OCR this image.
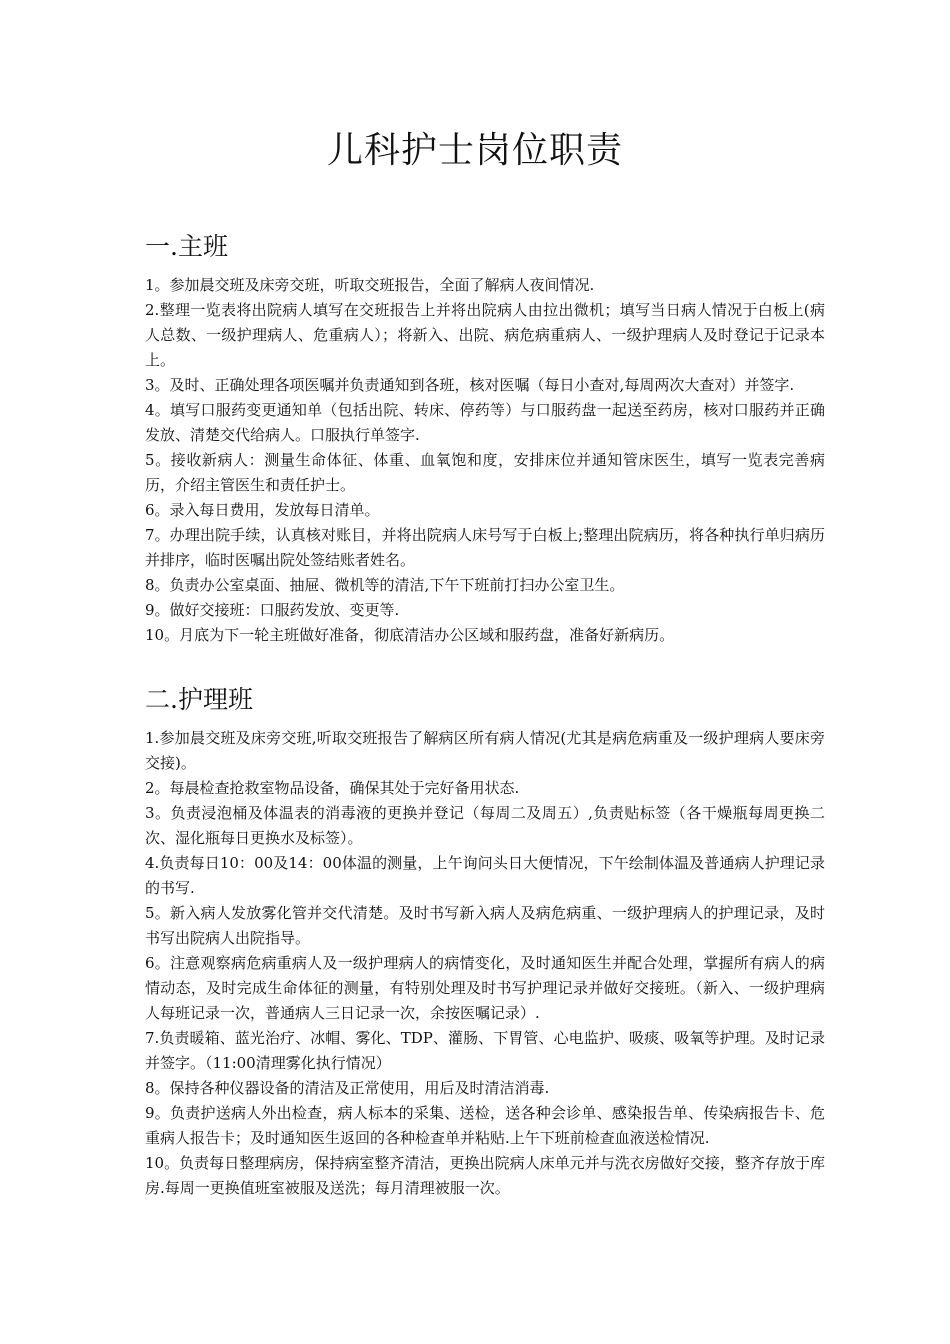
儿科护士岗位职责
一.主班
1。参加晨交班及床旁交班，听取交班报告，全面了解病人夜间情况.
2.整理一览表将出院病人填写在交班报告上并将出院病人由拉出微机；填写当日病人情况于白板上(病人总数、一级护理病人、危重病人）；将新入、出院、病危病重病人、一级护理病人及时登记于记录本上。
3。及时、正确处理各项医嘱并负责通知到各班，核对医嘱（每日小查对,每周两次大查对）并签字.
4。填写口服药变更通知单（包括出院、转床、停药等）与口服药盘一起送至药房，核对口服药并正确发放、清楚交代给病人。口服执行单签字.
5。接收新病人：测量生命体征、体重、血氧饱和度，安排床位并通知管床医生，填写一览表完善病历，介绍主管医生和责任护士。
6。录入每日费用，发放每日清单。
7。办理出院手续，认真核对账目，并将出院病人床号写于白板上;整理出院病历，将各种执行单归病历并排序，临时医嘱出院处签结账者姓名。
8。负责办公室桌面、抽屉、微机等的清洁,下午下班前打扫办公室卫生。
9。做好交接班：口服药发放、变更等.
10。月底为下一轮主班做好准备，彻底清洁办公区域和服药盘，准备好新病历。
二.护理班
1.参加晨交班及床旁交班,听取交班报告了解病区所有病人情况(尤其是病危病重及一级护理病人要床旁交接)。
2。每晨检查抢救室物品设备，确保其处于完好备用状态.
3。负责浸泡桶及体温表的消毒液的更换并登记（每周二及周五）,负责贴标签（各干燥瓶每周更换二次、湿化瓶每日更换水及标签）。
4.负责每日10：00及14：00体温的测量，上午询问头日大便情况，下午绘制体温及普通病人护理记录的书写.
5。新入病人发放雾化管并交代清楚。及时书写新入病人及病危病重、一级护理病人的护理记录，及时书写出院病人出院指导。
6。注意观察病危病重病人及一级护理病人的病情变化，及时通知医生并配合处理，掌握所有病人的病情动态，及时完成生命体征的测量，有特别处理及时书写护理记录并做好交接班。（新入、一级护理病人每班记录一次，普通病人三日记录一次，余按医嘱记录）.
7.负责暖箱、蓝光治疗、冰帽、雾化、TDP、灌肠、下胃管、心电监护、吸痰、吸氧等护理。及时记录并签字。（11:00清理雾化执行情况）
8。保持各种仪器设备的清洁及正常使用，用后及时清洁消毒.
9。负责护送病人外出检查，病人标本的采集、送检，送各种会诊单、感染报告单、传染病报告卡、危重病人报告卡；及时通知医生返回的各种检查单并粘贴.上午下班前检查血液送检情况.
10。负责每日整理病房，保持病室整齐清洁，更换出院病人床单元并与洗衣房做好交接，整齐存放于库房.每周一更换值班室被服及送洗；每月清理被服一次。
